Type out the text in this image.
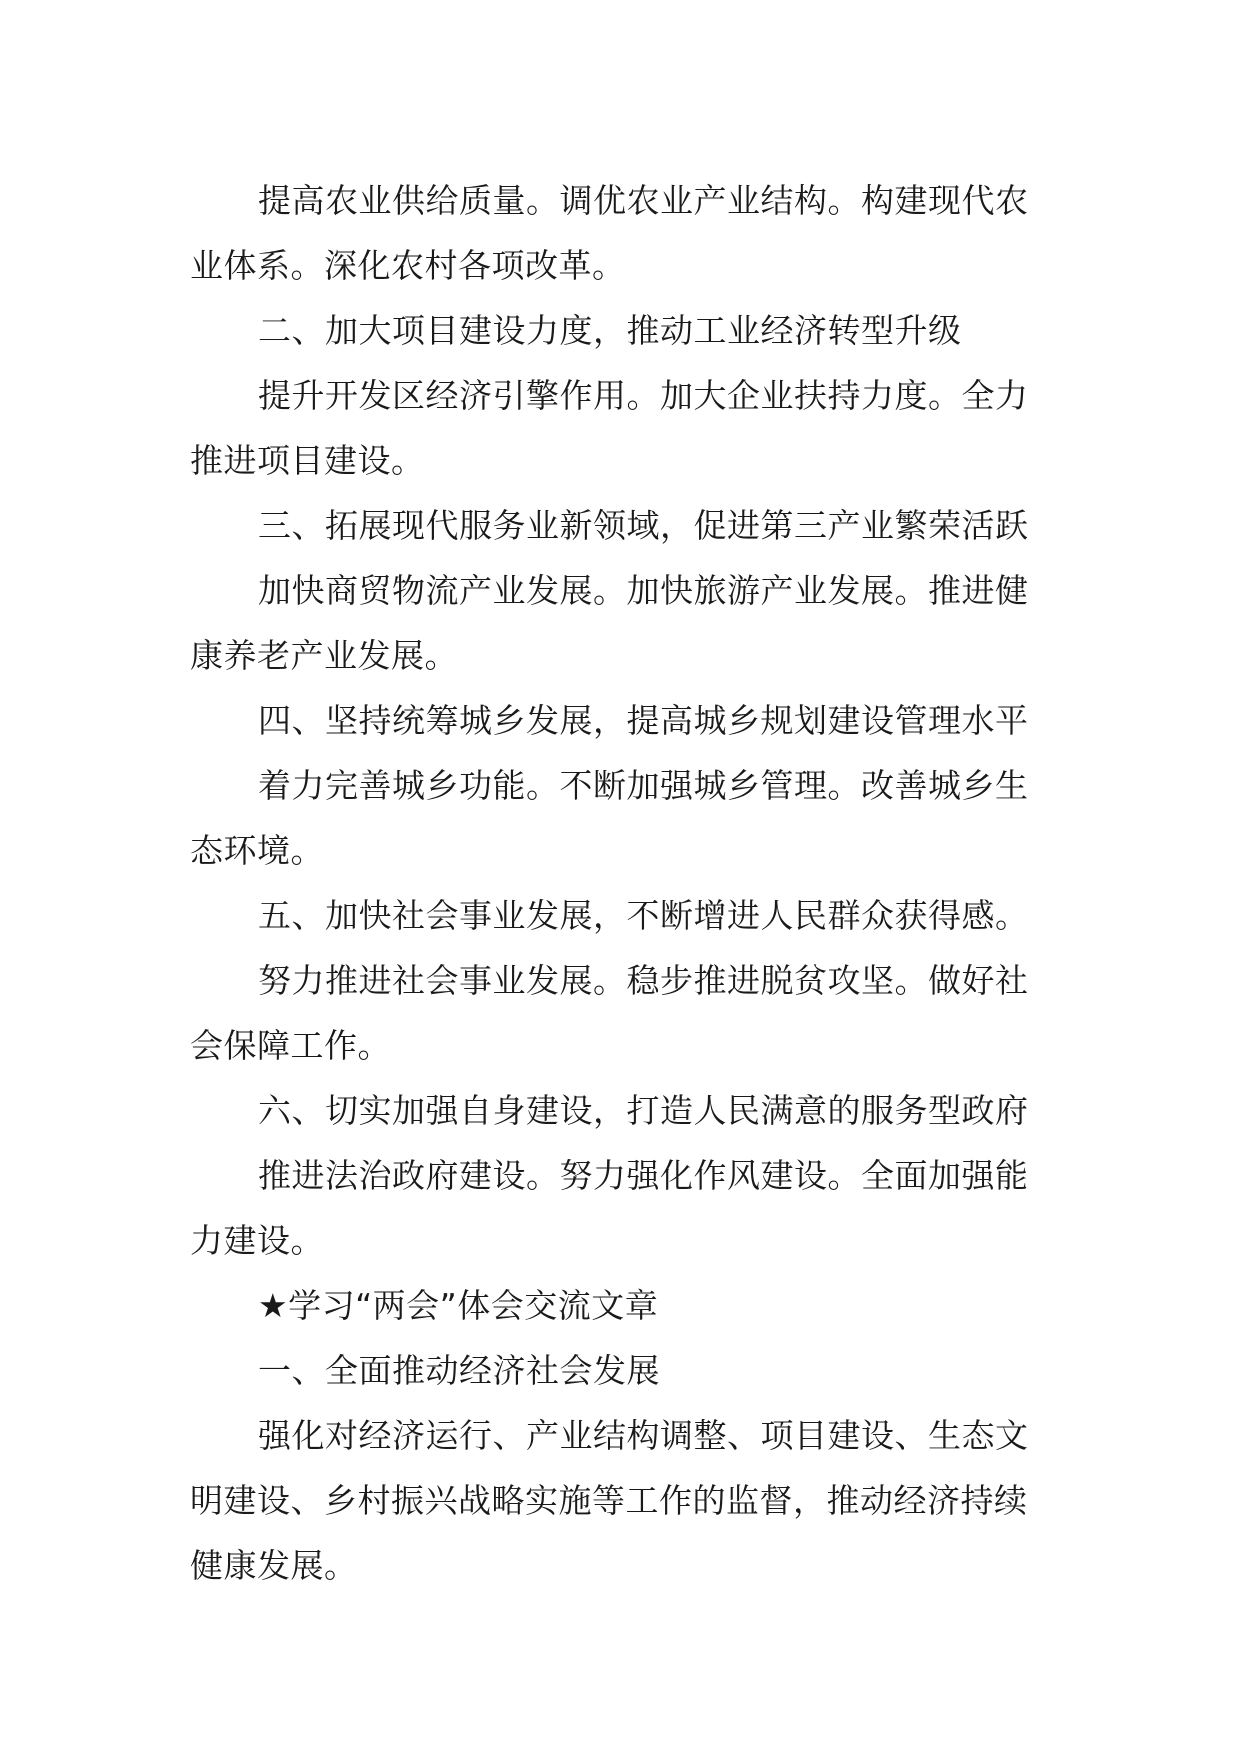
提高农业供给质量。调优农业产业结构。构建现代农业体系。深化农村各项改革。

二、加大项目建设力度，推动工业经济转型升级

提升开发区经济引擎作用。加大企业扶持力度。全力推进项目建设。

三、拓展现代服务业新领域，促进第三产业繁荣活跃

加快商贸物流产业发展。加快旅游产业发展。推进健康养老产业发展。

四、坚持统筹城乡发展，提高城乡规划建设管理水平

着力完善城乡功能。不断加强城乡管理。改善城乡生态环境。

五、加快社会事业发展，不断增进人民群众获得感。

努力推进社会事业发展。稳步推进脱贫攻坚。做好社会保障工作。

六、切实加强自身建设，打造人民满意的服务型政府

推进法治政府建设。努力强化作风建设。全面加强能力建设。

★学习“两会”体会交流文章

一、全面推动经济社会发展

强化对经济运行、产业结构调整、项目建设、生态文明建设、乡村振兴战略实施等工作的监督，推动经济持续健康发展。
